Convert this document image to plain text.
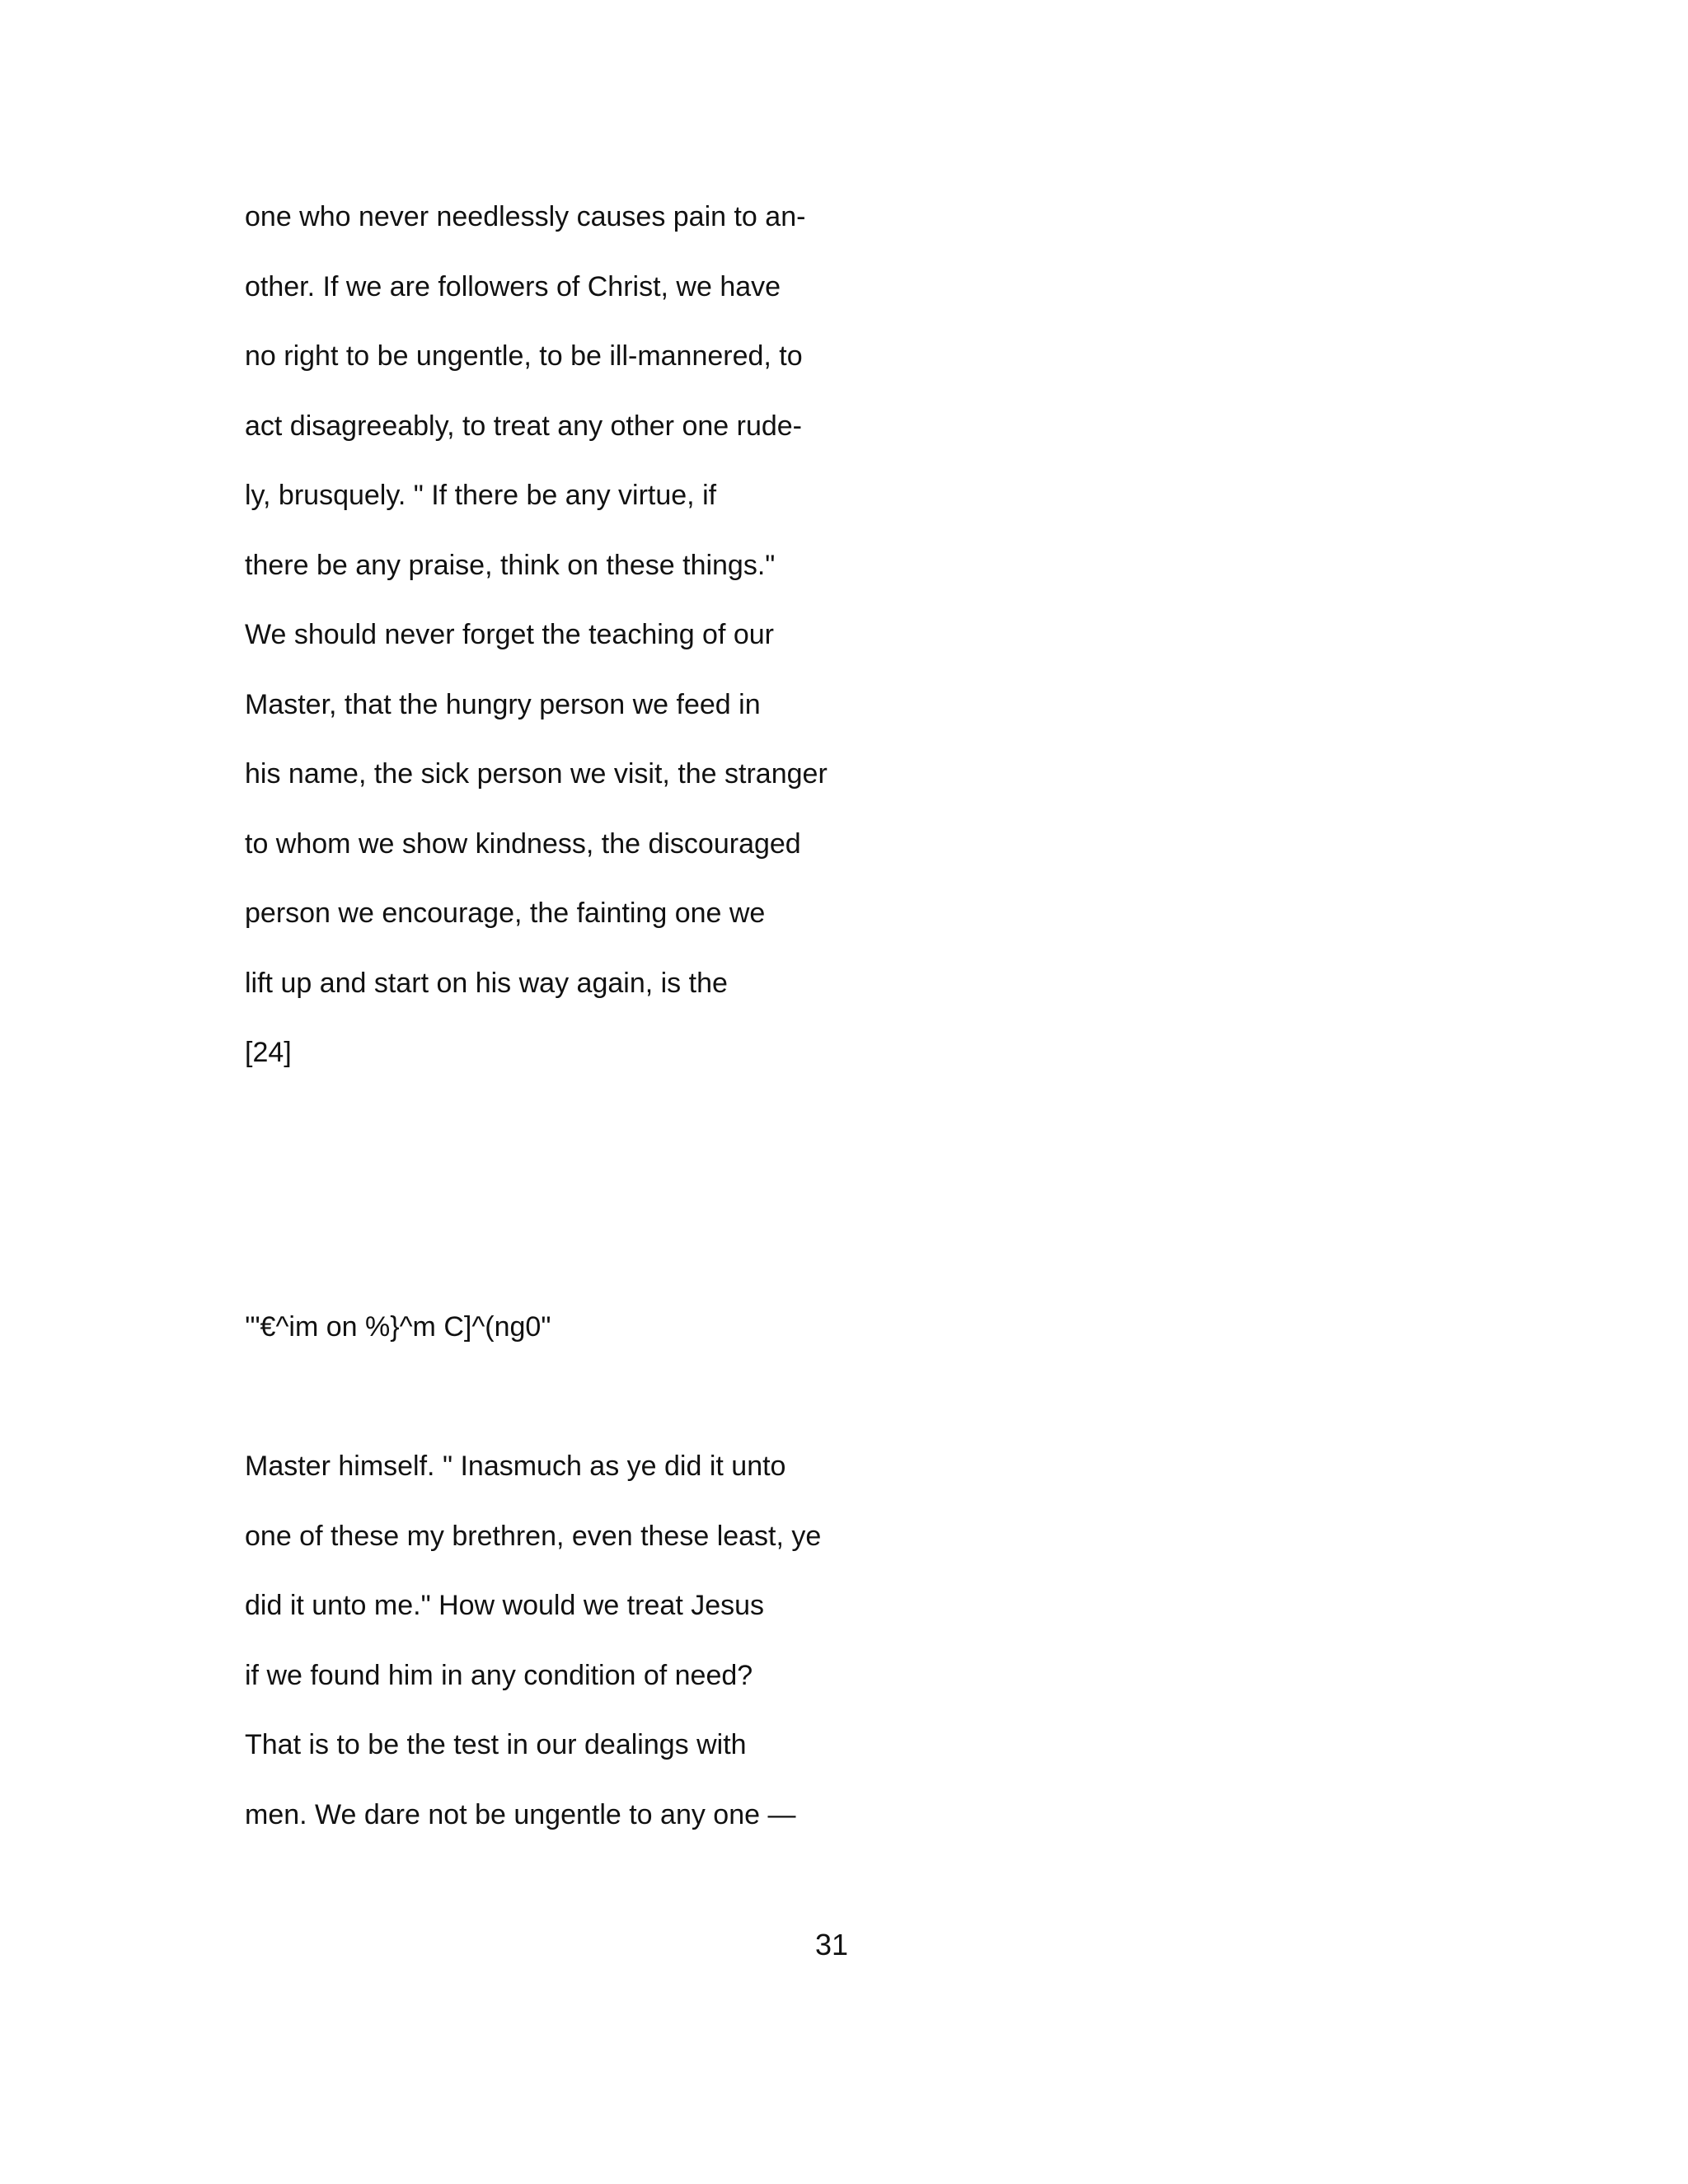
one who never needlessly causes pain to an-
other. If we are followers of Christ, we have
no right to be ungentle, to be ill-mannered, to
act disagreeably, to treat any other one rude-
ly, brusquely. " If there be any virtue, if
there be any praise, think on these things."
We should never forget the teaching of our
Master, that the hungry person we feed in
his name, the sick person we visit, the stranger
to whom we show kindness, the discouraged
person we encourage, the fainting one we
lift up and start on his way again, is the
[24]
'"€^im on %}^m C]^(ng0"
Master himself. " Inasmuch as ye did it unto
one of these my brethren, even these least, ye
did it unto me." How would we treat Jesus
if we found him in any condition of need?
That is to be the test in our dealings with
men. We dare not be ungentle to any one —
31
